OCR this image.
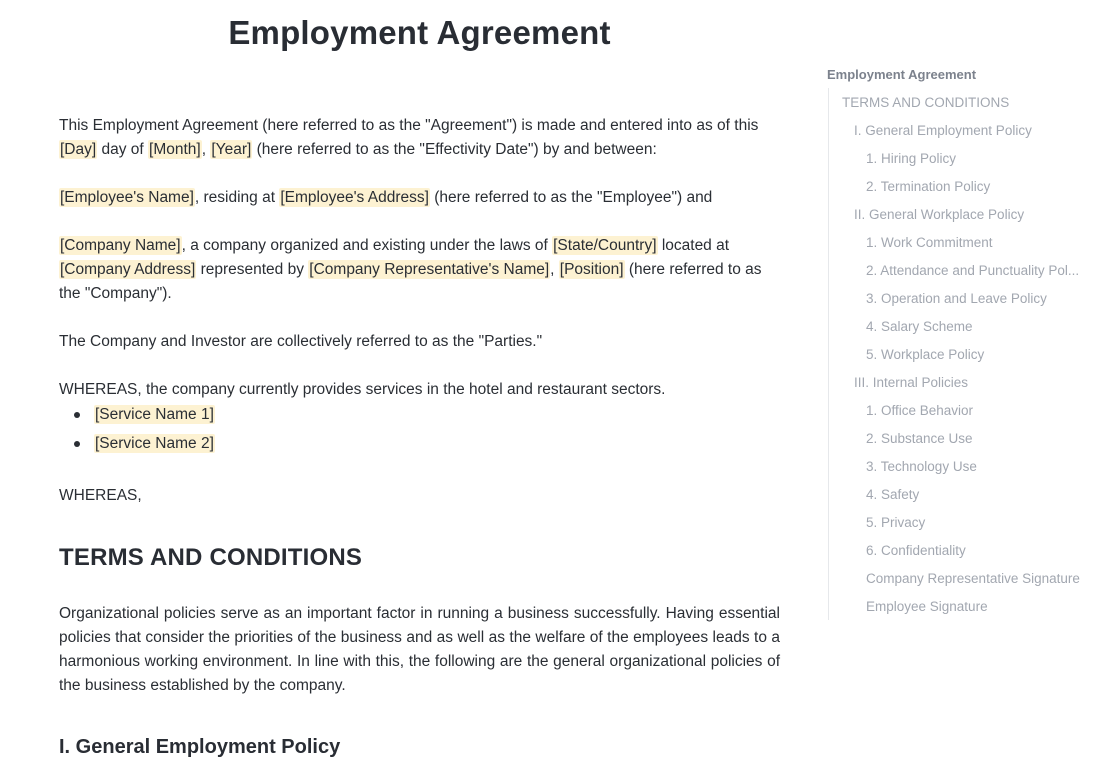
Employment Agreement

This Employment Agreement (here referred to as the "Agreement") is made and entered into as of this [Day] day of [Month], [Year] (here referred to as the "Effectivity Date") by and between:

[Employee's Name], residing at [Employee's Address] (here referred to as the "Employee") and

[Company Name], a company organized and existing under the laws of [State/Country] located at [Company Address] represented by [Company Representative's Name], [Position] (here referred to as the "Company").

The Company and Investor are collectively referred to as the "Parties."

WHEREAS, the company currently provides services in the hotel and restaurant sectors.

[Service Name 1]
[Service Name 2]

WHEREAS,

TERMS AND CONDITIONS

Organizational policies serve as an important factor in running a business successfully. Having essential policies that consider the priorities of the business and as well as the welfare of the employees leads to a harmonious working environment. In line with this, the following are the general organizational policies of the business established by the company.

I. General Employment Policy
Employment Agreement
TERMS AND CONDITIONS
I. General Employment Policy
1. Hiring Policy
2. Termination Policy
II. General Workplace Policy
1. Work Commitment
2. Attendance and Punctuality Pol...
3. Operation and Leave Policy
4. Salary Scheme
5. Workplace Policy
III. Internal Policies
1. Office Behavior
2. Substance Use
3. Technology Use
4. Safety
5. Privacy
6. Confidentiality
Company Representative Signature
Employee Signature
